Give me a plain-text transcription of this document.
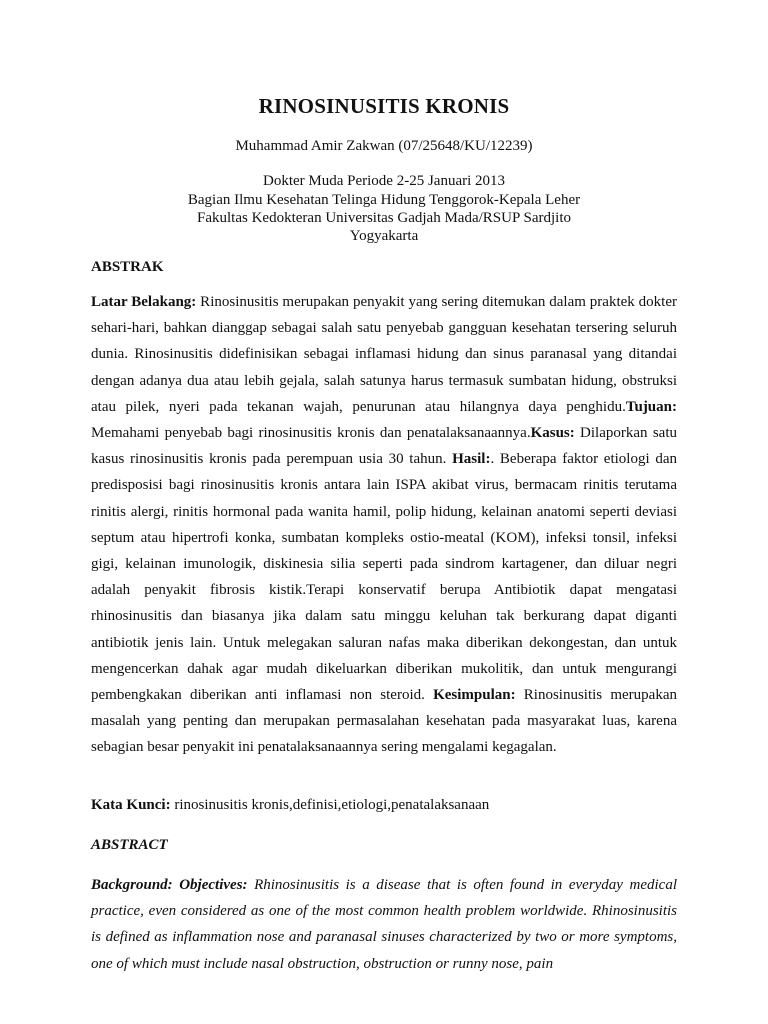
RINOSINUSITIS KRONIS
Muhammad Amir Zakwan (07/25648/KU/12239)
Dokter Muda Periode 2-25 Januari 2013
Bagian Ilmu Kesehatan Telinga Hidung Tenggorok-Kepala Leher
Fakultas Kedokteran Universitas Gadjah Mada/RSUP Sardjito
Yogyakarta
ABSTRAK
Latar Belakang: Rinosinusitis merupakan penyakit yang sering ditemukan dalam praktek dokter sehari-hari, bahkan dianggap sebagai salah satu penyebab gangguan kesehatan tersering seluruh dunia. Rinosinusitis didefinisikan sebagai inflamasi hidung dan sinus paranasal yang ditandai dengan adanya dua atau lebih gejala, salah satunya harus termasuk sumbatan hidung, obstruksi atau pilek, nyeri pada tekanan wajah, penurunan atau hilangnya daya penghidu.Tujuan: Memahami penyebab bagi rinosinusitis kronis dan penatalaksanaannya.Kasus: Dilaporkan satu kasus rinosinusitis kronis pada perempuan usia 30 tahun. Hasil:. Beberapa faktor etiologi dan predisposisi bagi rinosinusitis kronis antara lain ISPA akibat virus, bermacam rinitis terutama rinitis alergi, rinitis hormonal pada wanita hamil, polip hidung, kelainan anatomi seperti deviasi septum atau hipertrofi konka, sumbatan kompleks ostio-meatal (KOM), infeksi tonsil, infeksi gigi, kelainan imunologik, diskinesia silia seperti pada sindrom kartagener, dan diluar negri adalah penyakit fibrosis kistik.Terapi konservatif berupa Antibiotik dapat mengatasi rhinosinusitis dan biasanya jika dalam satu minggu keluhan tak berkurang dapat diganti antibiotik jenis lain. Untuk melegakan saluran nafas maka diberikan dekongestan, dan untuk mengencerkan dahak agar mudah dikeluarkan diberikan mukolitik, dan untuk mengurangi pembengkakan diberikan anti inflamasi non steroid. Kesimpulan: Rinosinusitis merupakan masalah yang penting dan merupakan permasalahan kesehatan pada masyarakat luas, karena sebagian besar penyakit ini penatalaksanaannya sering mengalami kegagalan.
Kata Kunci: rinosinusitis kronis,definisi,etiologi,penatalaksanaan
ABSTRACT
Background: Objectives: Rhinosinusitis is a disease that is often found in everyday medical practice, even considered as one of the most common health problem worldwide. Rhinosinusitis is defined as inflammation nose and paranasal sinuses characterized by two or more symptoms, one of which must include nasal obstruction, obstruction or runny nose, pain
